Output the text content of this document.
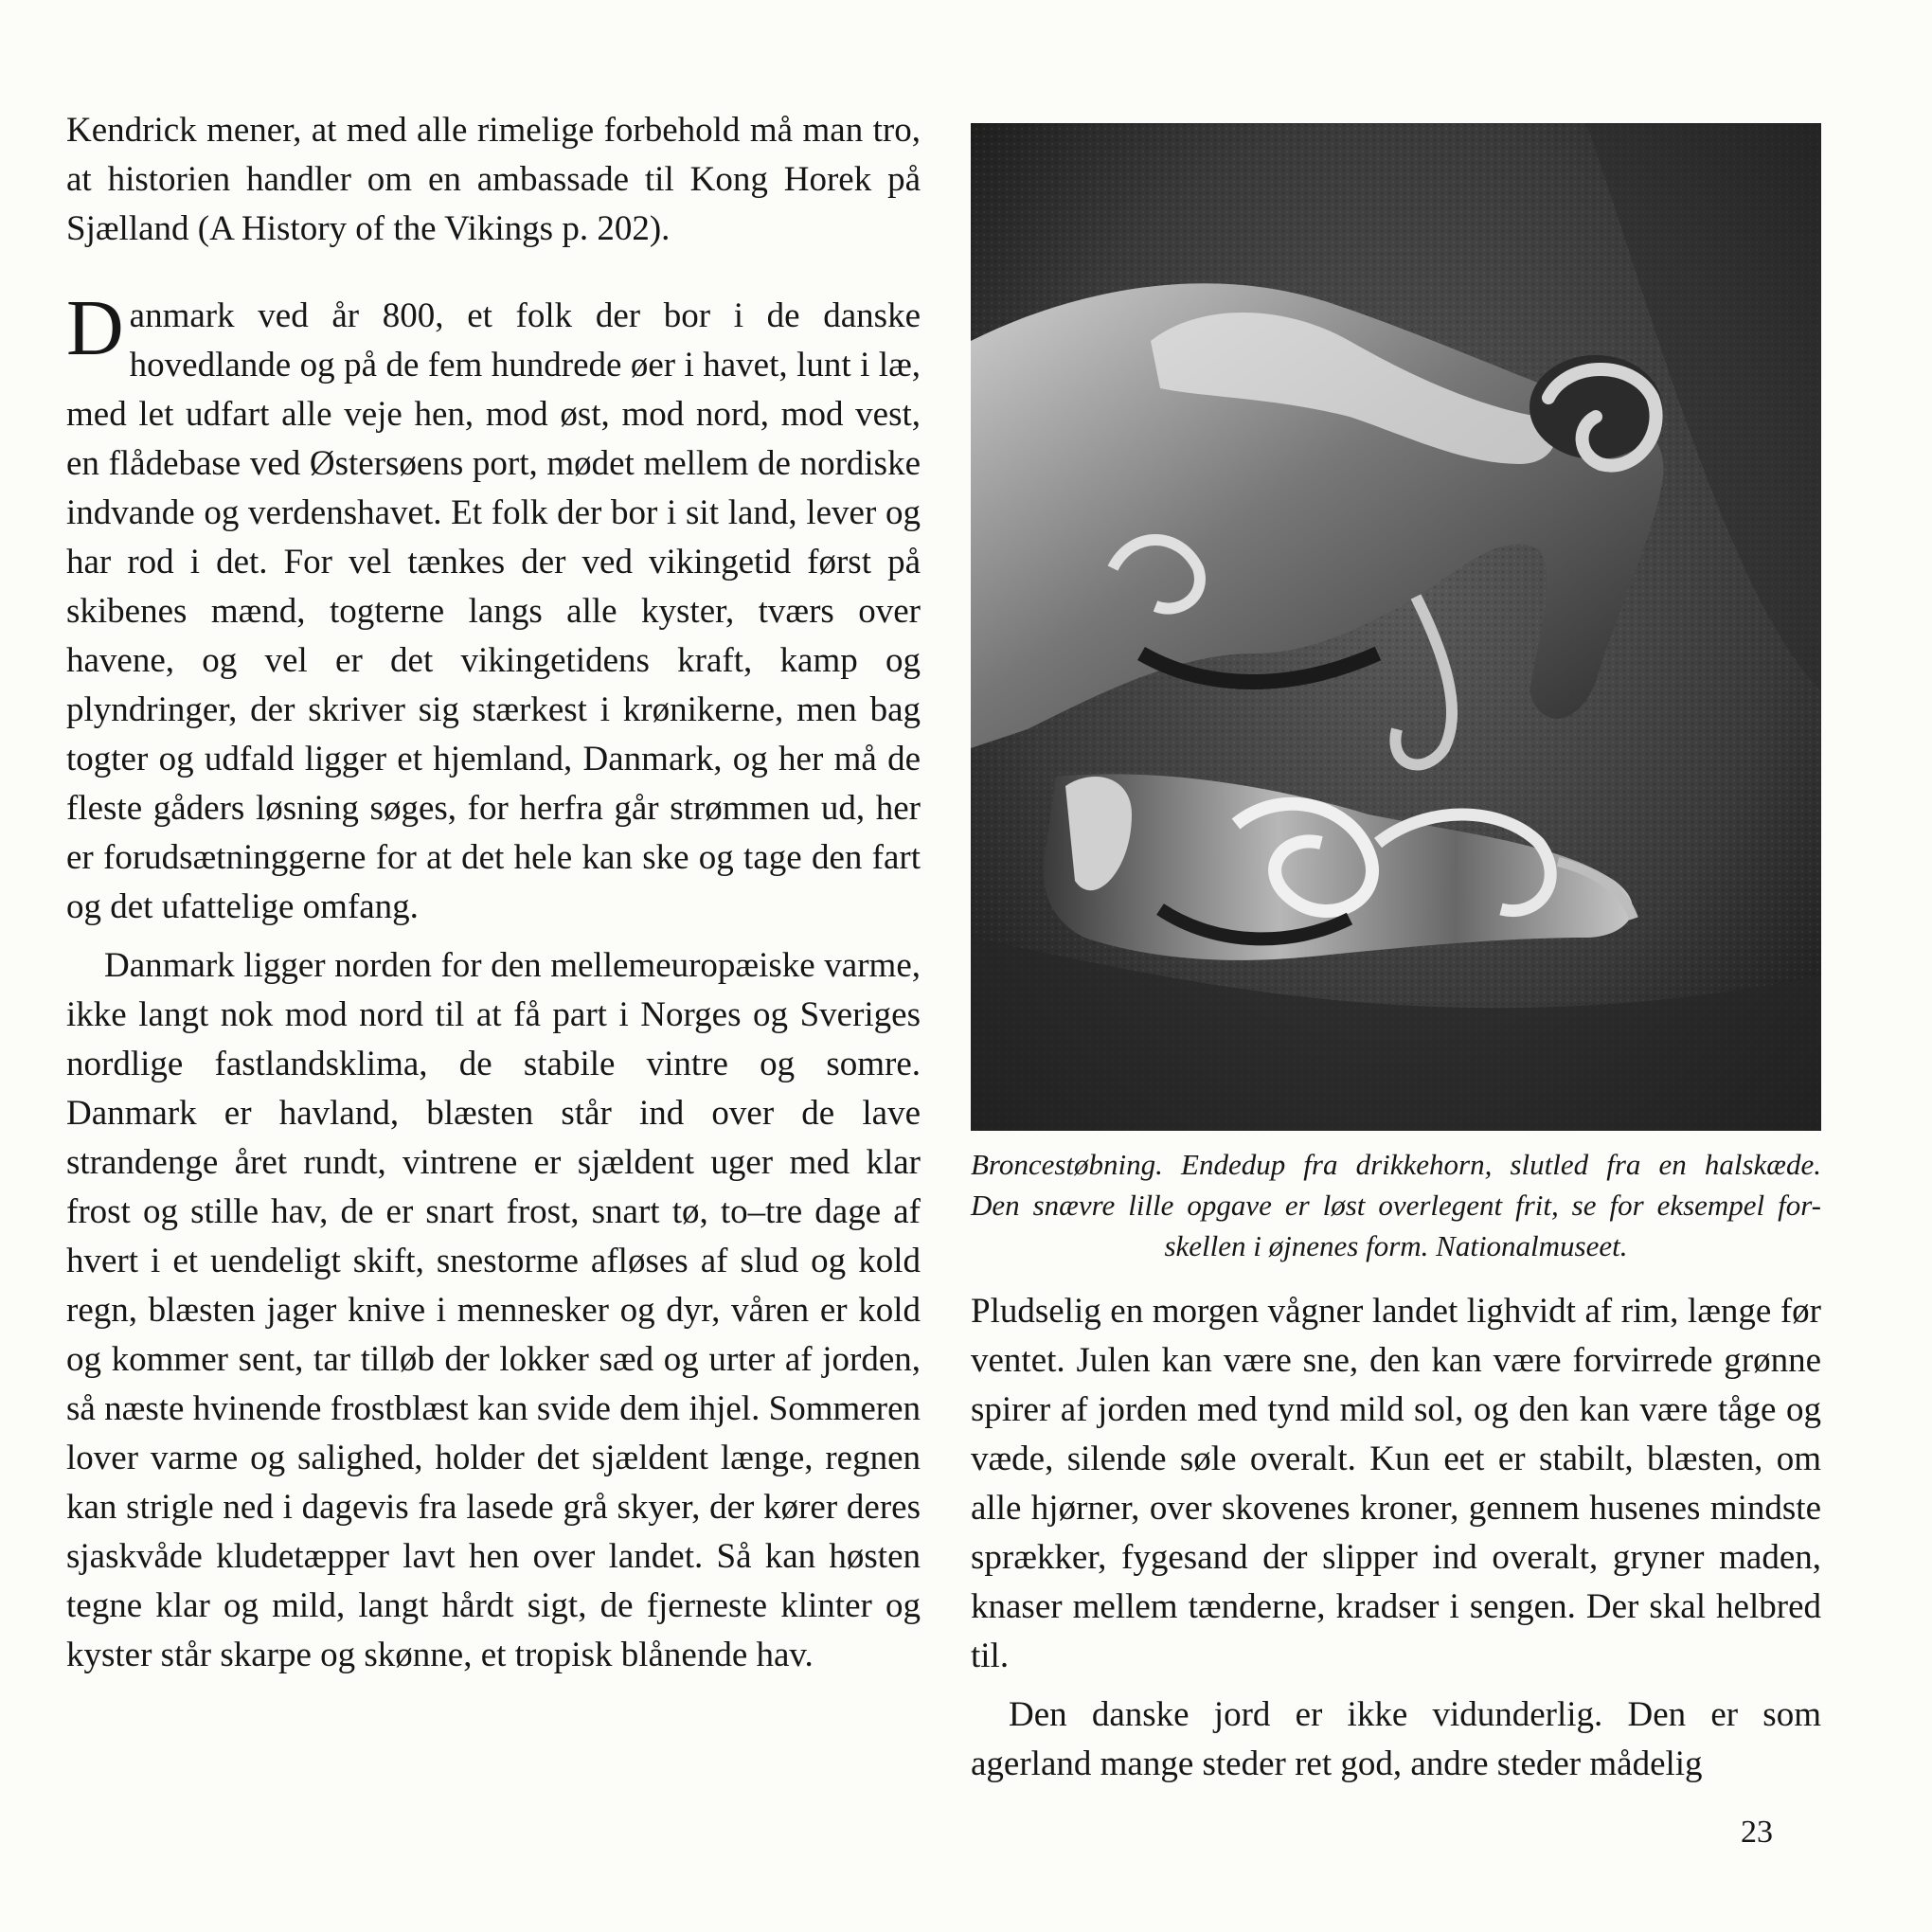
Kendrick mener, at med alle rimelige forbehold må man tro, at historien handler om en ambassade til Kong Horek på Sjælland (A History of the Vikings p. 202).

Danmark ved år 800, et folk der bor i de danske hovedlande og på de fem hundrede øer i havet, lunt i læ, med let udfart alle veje hen, mod øst, mod nord, mod vest, en flådebase ved Østersøens port, mødet mellem de nordiske indvande og verdenshavet. Et folk der bor i sit land, lever og har rod i det. For vel tænkes der ved vikingetid først på skibenes mænd, togterne langs alle kyster, tværs over havene, og vel er det vikingetidens kraft, kamp og plyndringer, der skriver sig stærkest i krønikerne, men bag togter og udfald ligger et hjemland, Danmark, og her må de fleste gåders løsning søges, for herfra går strømmen ud, her er forudsætninggerne for at det hele kan ske og tage den fart og det ufattelige omfang.

Danmark ligger norden for den mellemeuropæiske varme, ikke langt nok mod nord til at få part i Norges og Sveriges nordlige fastlandsklima, de stabile vintre og somre. Danmark er havland, blæsten står ind over de lave strandenge året rundt, vintrene er sjældent uger med klar frost og stille hav, de er snart frost, snart tø, to–tre dage af hvert i et uendeligt skift, snestorme afløses af slud og kold regn, blæsten jager knive i mennesker og dyr, våren er kold og kommer sent, tar tilløb der lokker sæd og urter af jorden, så næste hvinende frostblæst kan svide dem ihjel. Sommeren lover varme og salighed, holder det sjældent længe, regnen kan strigle ned i dagevis fra lasede grå skyer, der kører deres sjaskvåde kludetæpper lavt hen over landet. Så kan høsten tegne klar og mild, langt hårdt sigt, de fjerneste klinter og kyster står skarpe og skønne, et tropisk blånende hav.

Broncestøbning. Endedup fra drikkehorn, slutled fra en halskæde.
Den snævre lille opgave er løst overlegent frit, se for eksempel for-
skellen i øjnenes form. Nationalmuseet.

Pludselig en morgen vågner landet lighvidt af rim, længe før ventet. Julen kan være sne, den kan være forvirrede grønne spirer af jorden med tynd mild sol, og den kan være tåge og væde, silende søle overalt. Kun eet er stabilt, blæsten, om alle hjørner, over skovenes kroner, gennem husenes mindste sprækker, fygesand der slipper ind overalt, gryner maden, knaser mellem tænderne, kradser i sengen. Der skal helbred til.

Den danske jord er ikke vidunderlig. Den er som agerland mange steder ret god, andre steder mådelig

23
